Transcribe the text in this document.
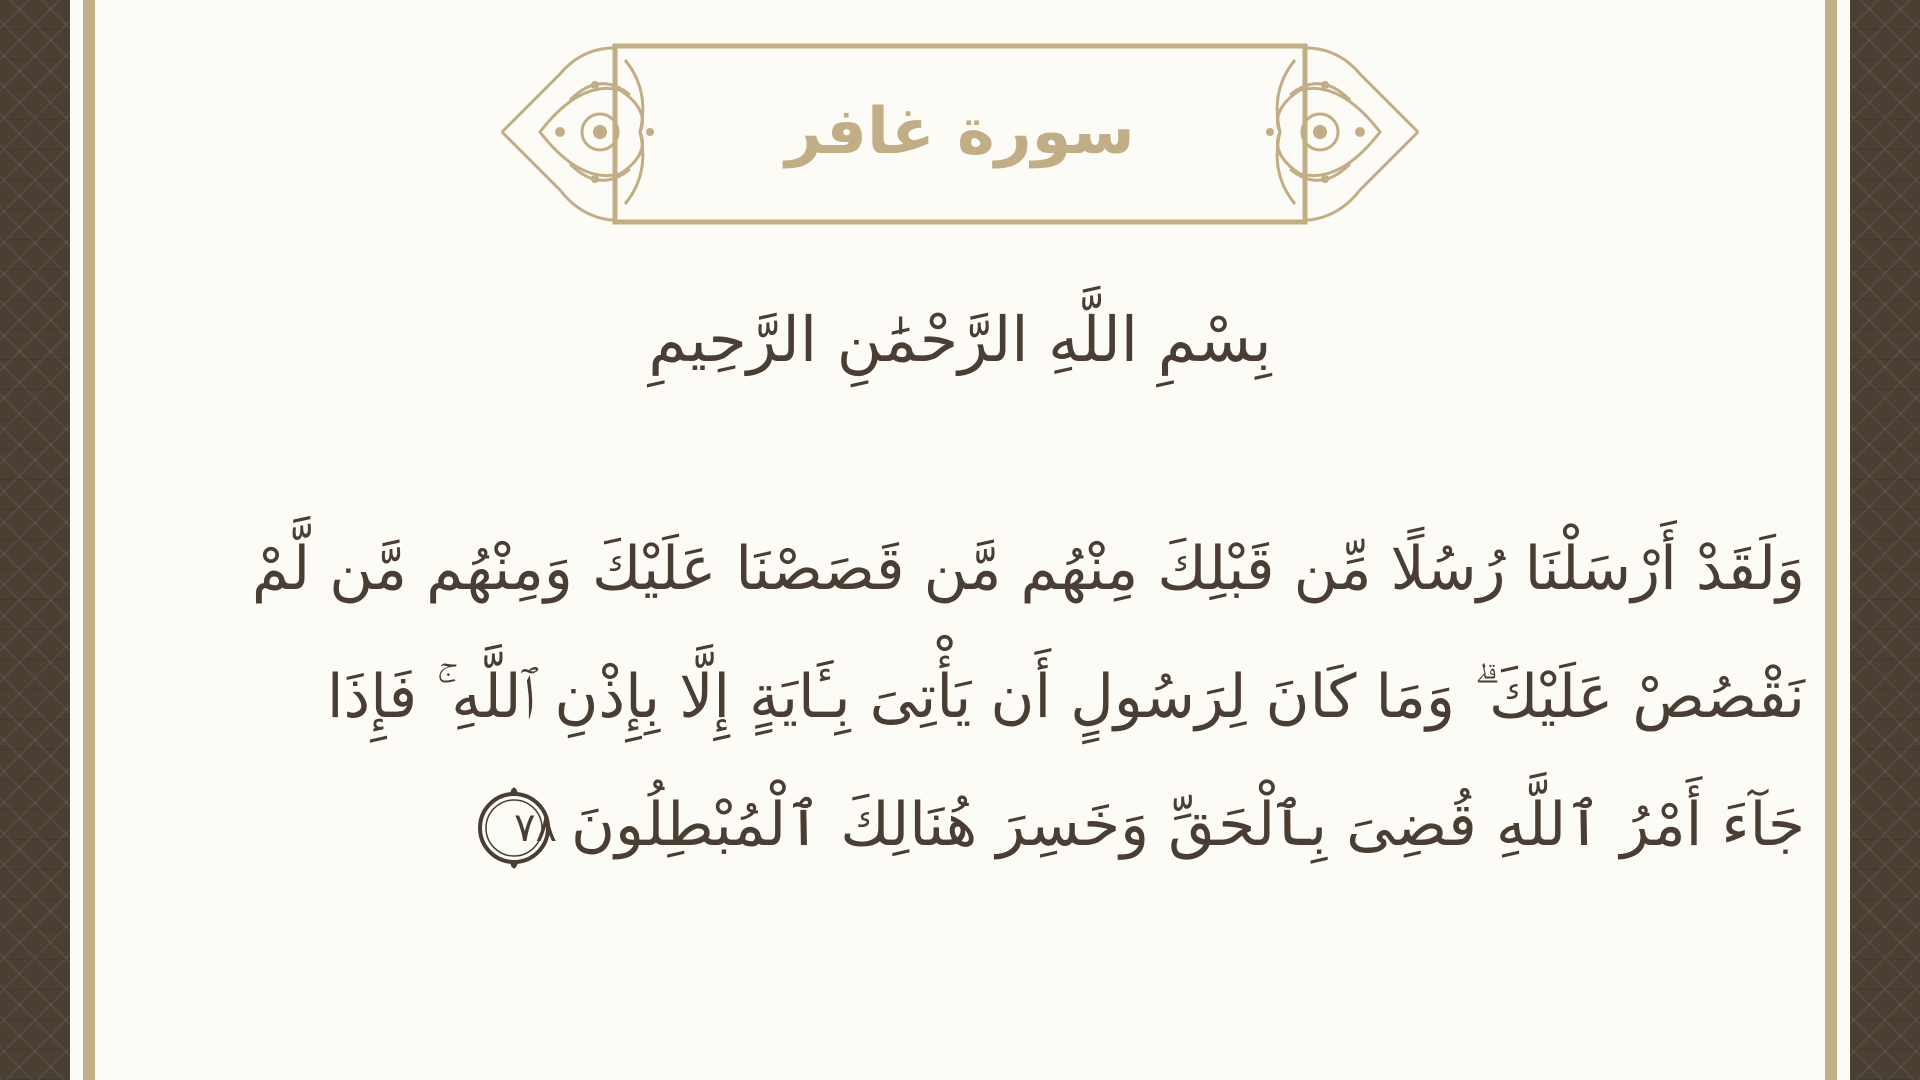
سورة غافر
بِسْمِ اللَّهِ الرَّحْمَٰنِ الرَّحِيمِ
وَلَقَدْ أَرْسَلْنَا رُسُلًا مِّن قَبْلِكَ مِنْهُم مَّن قَصَصْنَا عَلَيْكَ وَمِنْهُم مَّن لَّمْ
نَقْصُصْ عَلَيْكَ ۗ وَمَا كَانَ لِرَسُولٍ أَن يَأْتِىَ بِـَٔايَةٍ إِلَّا بِإِذْنِ ٱللَّهِ ۚ فَإِذَا
جَآءَ أَمْرُ ٱللَّهِ قُضِىَ بِٱلْحَقِّ وَخَسِرَ هُنَالِكَ ٱلْمُبْطِلُونَ
٧٨
